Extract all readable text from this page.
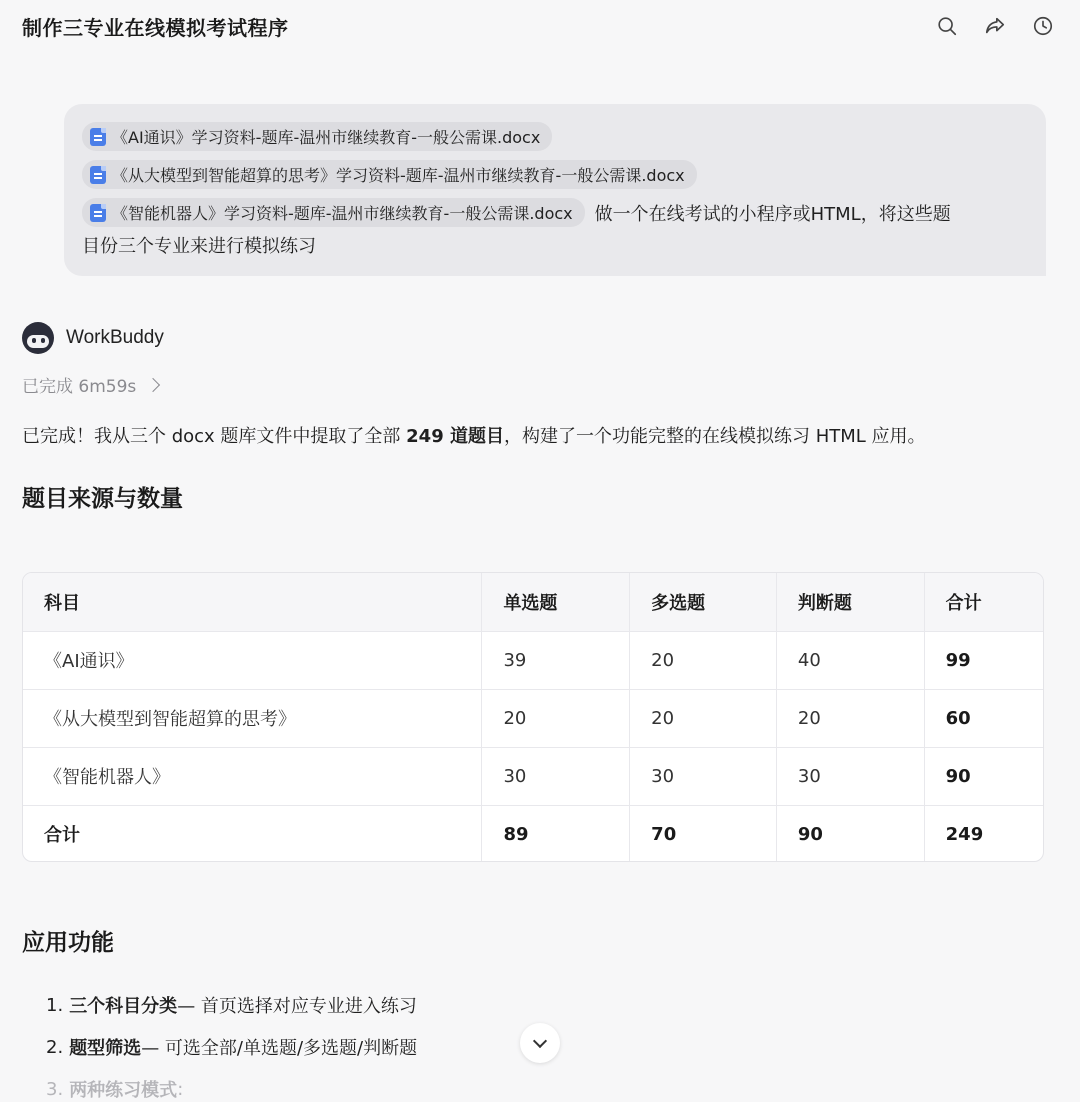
制作三专业在线模拟考试程序
《AI通识》学习资料-题库-温州市继续教育-一般公需课.docx
《从大模型到智能超算的思考》学习资料-题库-温州市继续教育-一般公需课.docx
《智能机器人》学习资料-题库-温州市继续教育-一般公需课.docx 做一个在线考试的小程序或HTML，将这些题
目份三个专业来进行模拟练习
WorkBuddy
已完成 6m59s
已完成！我从三个 docx 题库文件中提取了全部 249 道题目，构建了一个功能完整的在线模拟练习 HTML 应用。
题目来源与数量
科目	单选题	多选题	判断题	合计
《AI通识》	39	20	40	99
《从大模型到智能超算的思考》	20	20	20	60
《智能机器人》	30	30	30	90
合计	89	70	90	249
应用功能
1. 三个科目分类 — 首页选择对应专业进入练习
2. 题型筛选 — 可选全部/单选题/多选题/判断题
3. 两种练习模式 :
